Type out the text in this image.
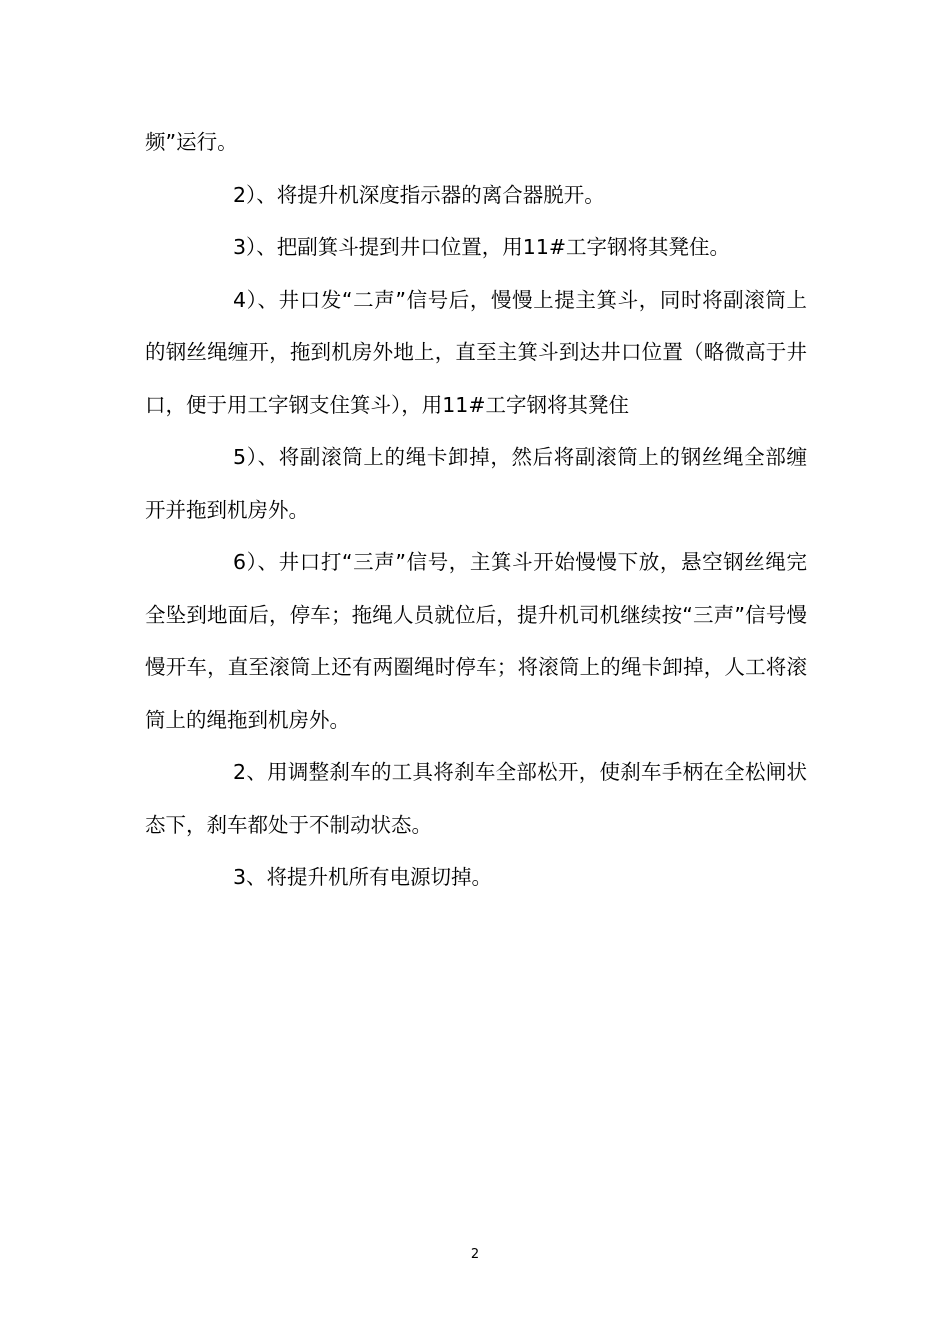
频”运行。

2）、将提升机深度指示器的离合器脱开。

3）、把副箕斗提到井口位置，用11#工字钢将其凳住。

4）、井口发“二声”信号后，慢慢上提主箕斗，同时将副滚筒上的钢丝绳缠开，拖到机房外地上，直至主箕斗到达井口位置（略微高于井口，便于用工字钢支住箕斗），用11#工字钢将其凳住

5）、将副滚筒上的绳卡卸掉，然后将副滚筒上的钢丝绳全部缠开并拖到机房外。

6）、井口打“三声”信号，主箕斗开始慢慢下放，悬空钢丝绳完全坠到地面后，停车；拖绳人员就位后，提升机司机继续按“三声”信号慢慢开车，直至滚筒上还有两圈绳时停车；将滚筒上的绳卡卸掉，人工将滚筒上的绳拖到机房外。

2、用调整刹车的工具将刹车全部松开，使刹车手柄在全松闸状态下，刹车都处于不制动状态。

3、将提升机所有电源切掉。

2
